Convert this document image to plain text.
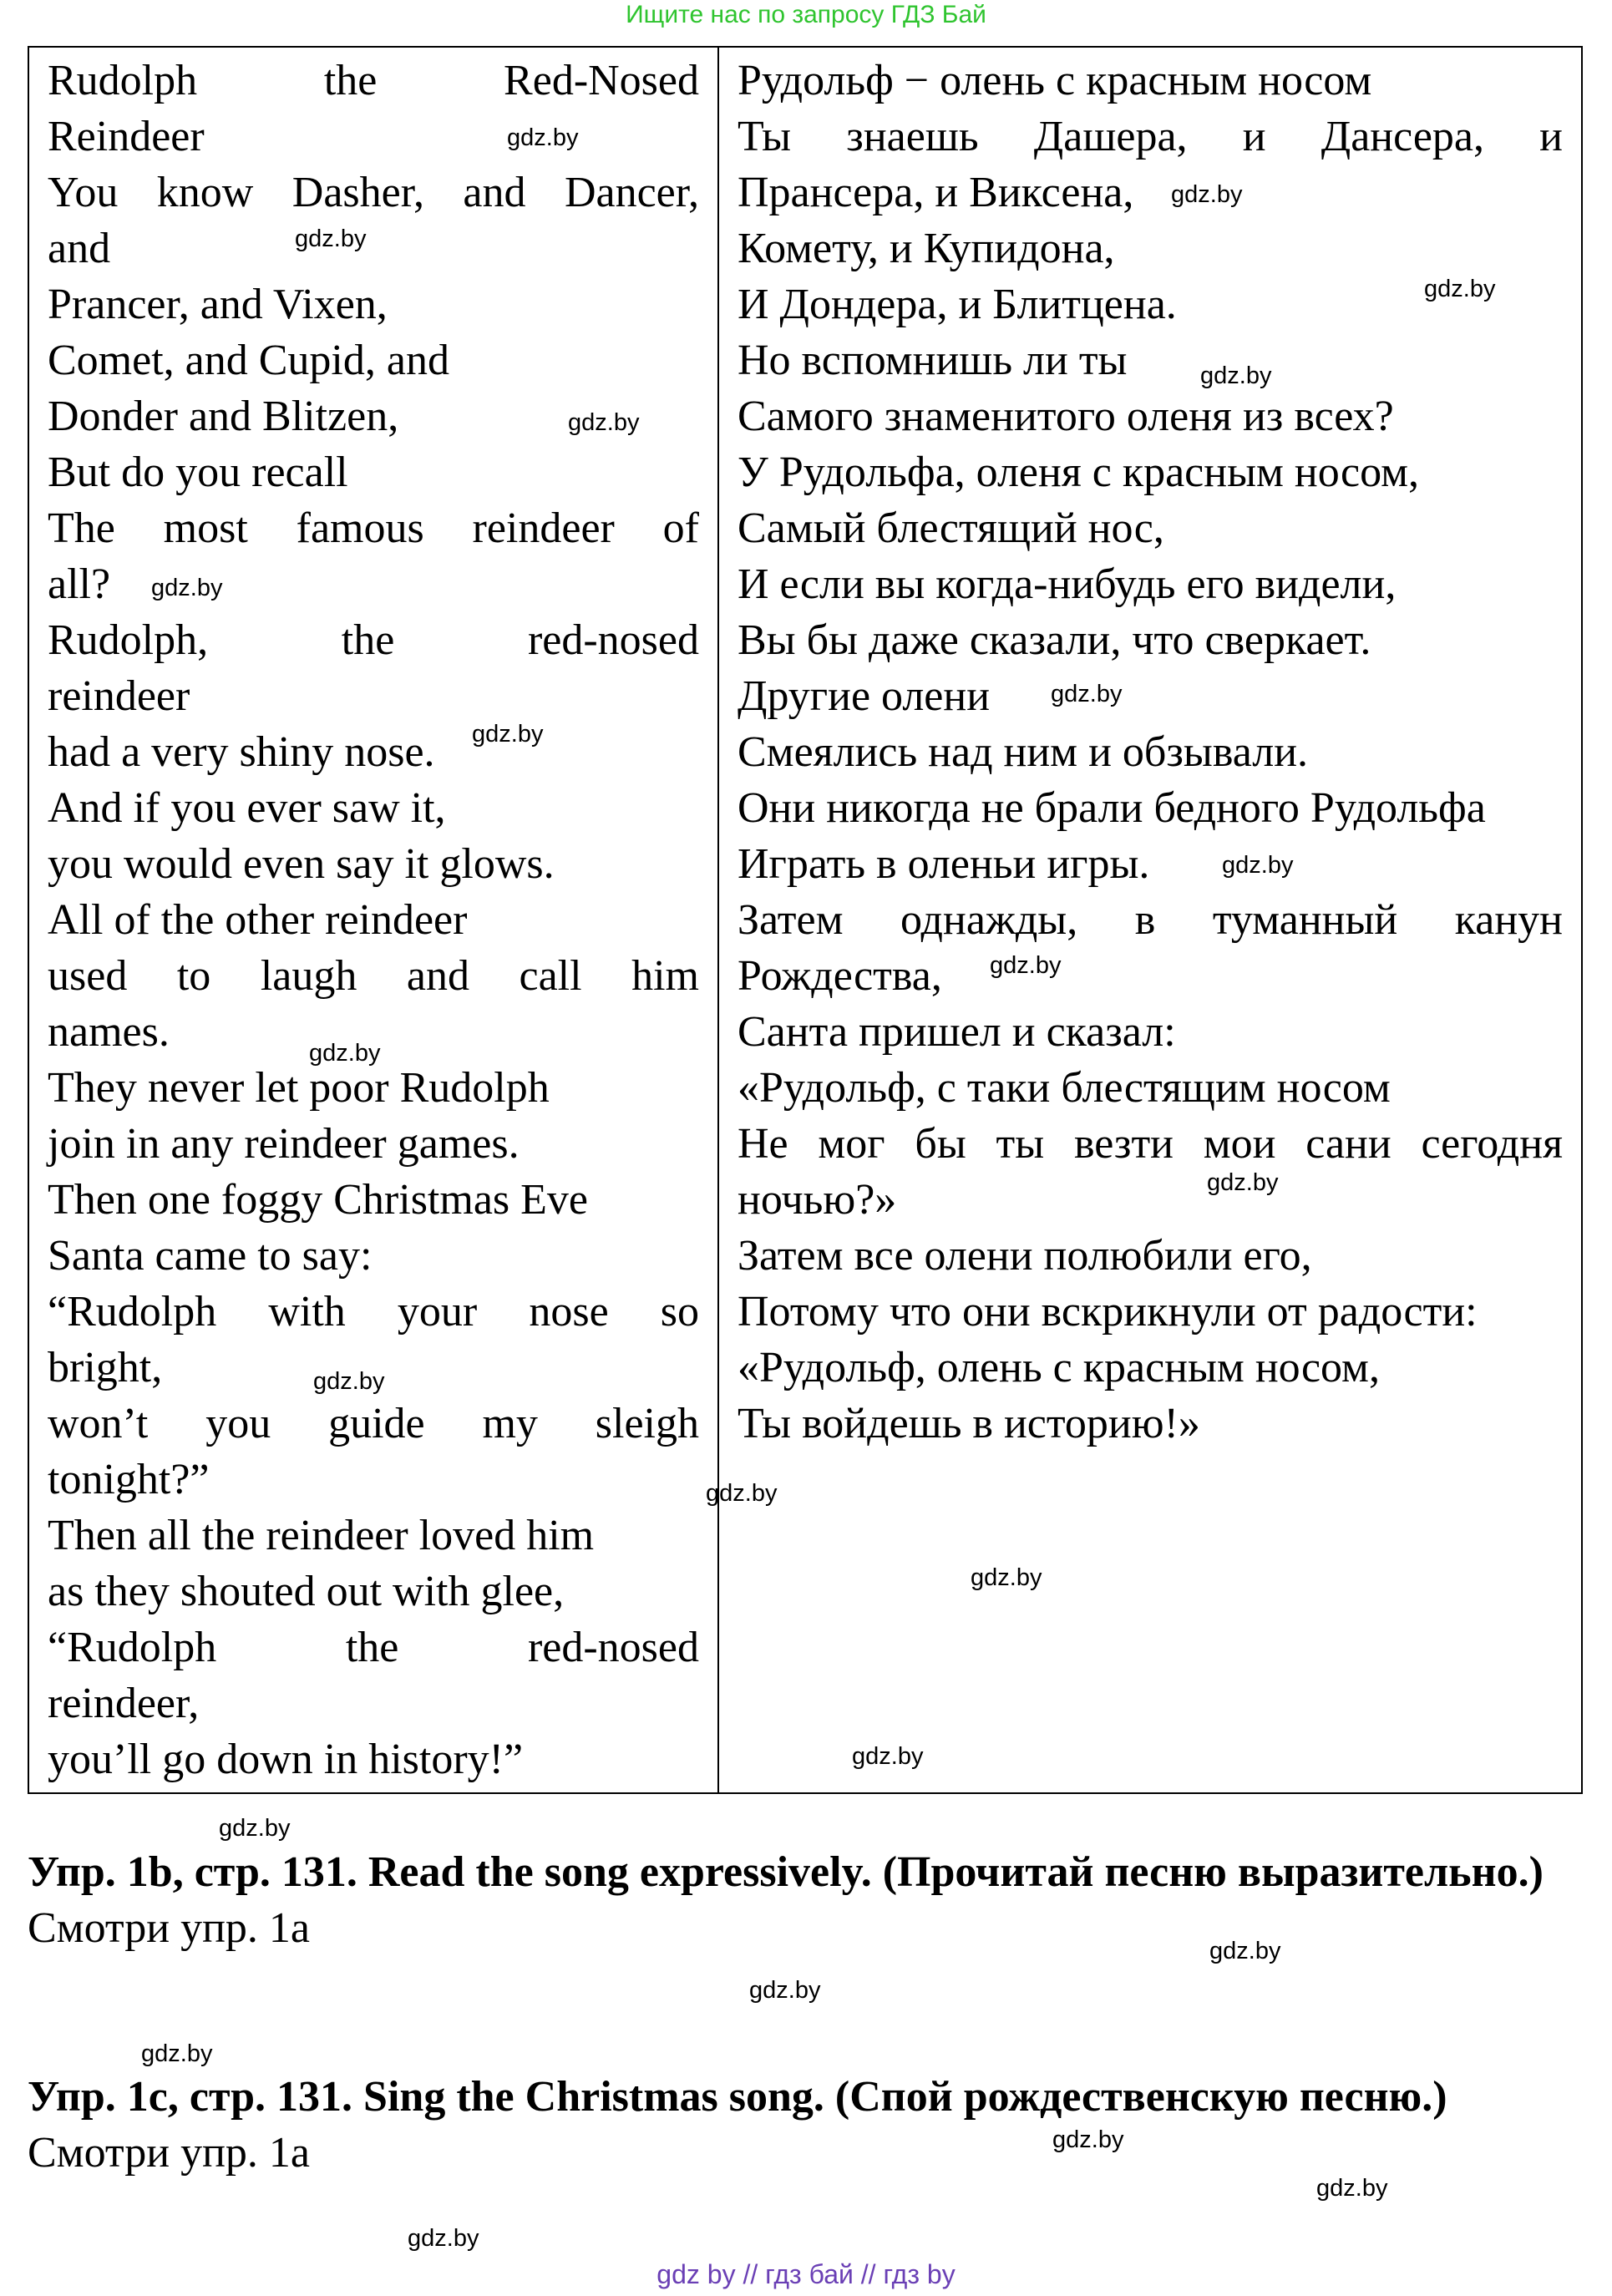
Ищите нас по запросу ГДЗ Бай
Rudolph the Red-Nosed
Reindeer
You know Dasher, and Dancer,
and
Prancer, and Vixen,
Comet, and Cupid, and
Donder and Blitzen,
But do you recall
The most famous reindeer of
all?
Rudolph, the red-nosed
reindeer
had a very shiny nose.
And if you ever saw it,
you would even say it glows.
All of the other reindeer
used to laugh and call him
names.
They never let poor Rudolph
join in any reindeer games.
Then one foggy Christmas Eve
Santa came to say:
“Rudolph with your nose so
bright,
won’t you guide my sleigh
tonight?”
Then all the reindeer loved him
as they shouted out with glee,
“Rudolph the red-nosed
reindeer,
you’ll go down in history!”

Рудольф − олень с красным носом
Ты знаешь Дашера, и Дансера, и
Прансера, и Виксена,
Комету, и Купидона,
И Дондера, и Блитцена.
Но вспомнишь ли ты
Самого знаменитого оленя из всех?
У Рудольфа, оленя с красным носом,
Самый блестящий нос,
И если вы когда-нибудь его видели,
Вы бы даже сказали, что сверкает.
Другие олени
Смеялись над ним и обзывали.
Они никогда не брали бедного Рудольфа
Играть в оленьи игры.
Затем однажды, в туманный канун
Рождества,
Санта пришел и сказал:
«Рудольф, с таки блестящим носом
Не мог бы ты везти мои сани сегодня
ночью?»
Затем все олени полюбили его,
Потому что они вскрикнули от радости:
«Рудольф, олень с красным носом,
Ты войдешь в историю!»
gdz.by
gdz.by
gdz.by
gdz.by
gdz.by
gdz.by
gdz.by
gdz.by
gdz.by
gdz.by
gdz.by
gdz.by
gdz.by
gdz.by
gdz.by
gdz.by
gdz.by
gdz.by
gdz.by
gdz.by
gdz.by
gdz.by
gdz.by
gdz.by
Упр. 1b, стр. 131. Read the song expressively. (Прочитай песню выразительно.)
Смотри упр. 1а
Упр. 1c, стр. 131. Sing the Christmas song. (Спой рождественскую песню.)
Смотри упр. 1а
gdz by // гдз бай // гдз by
